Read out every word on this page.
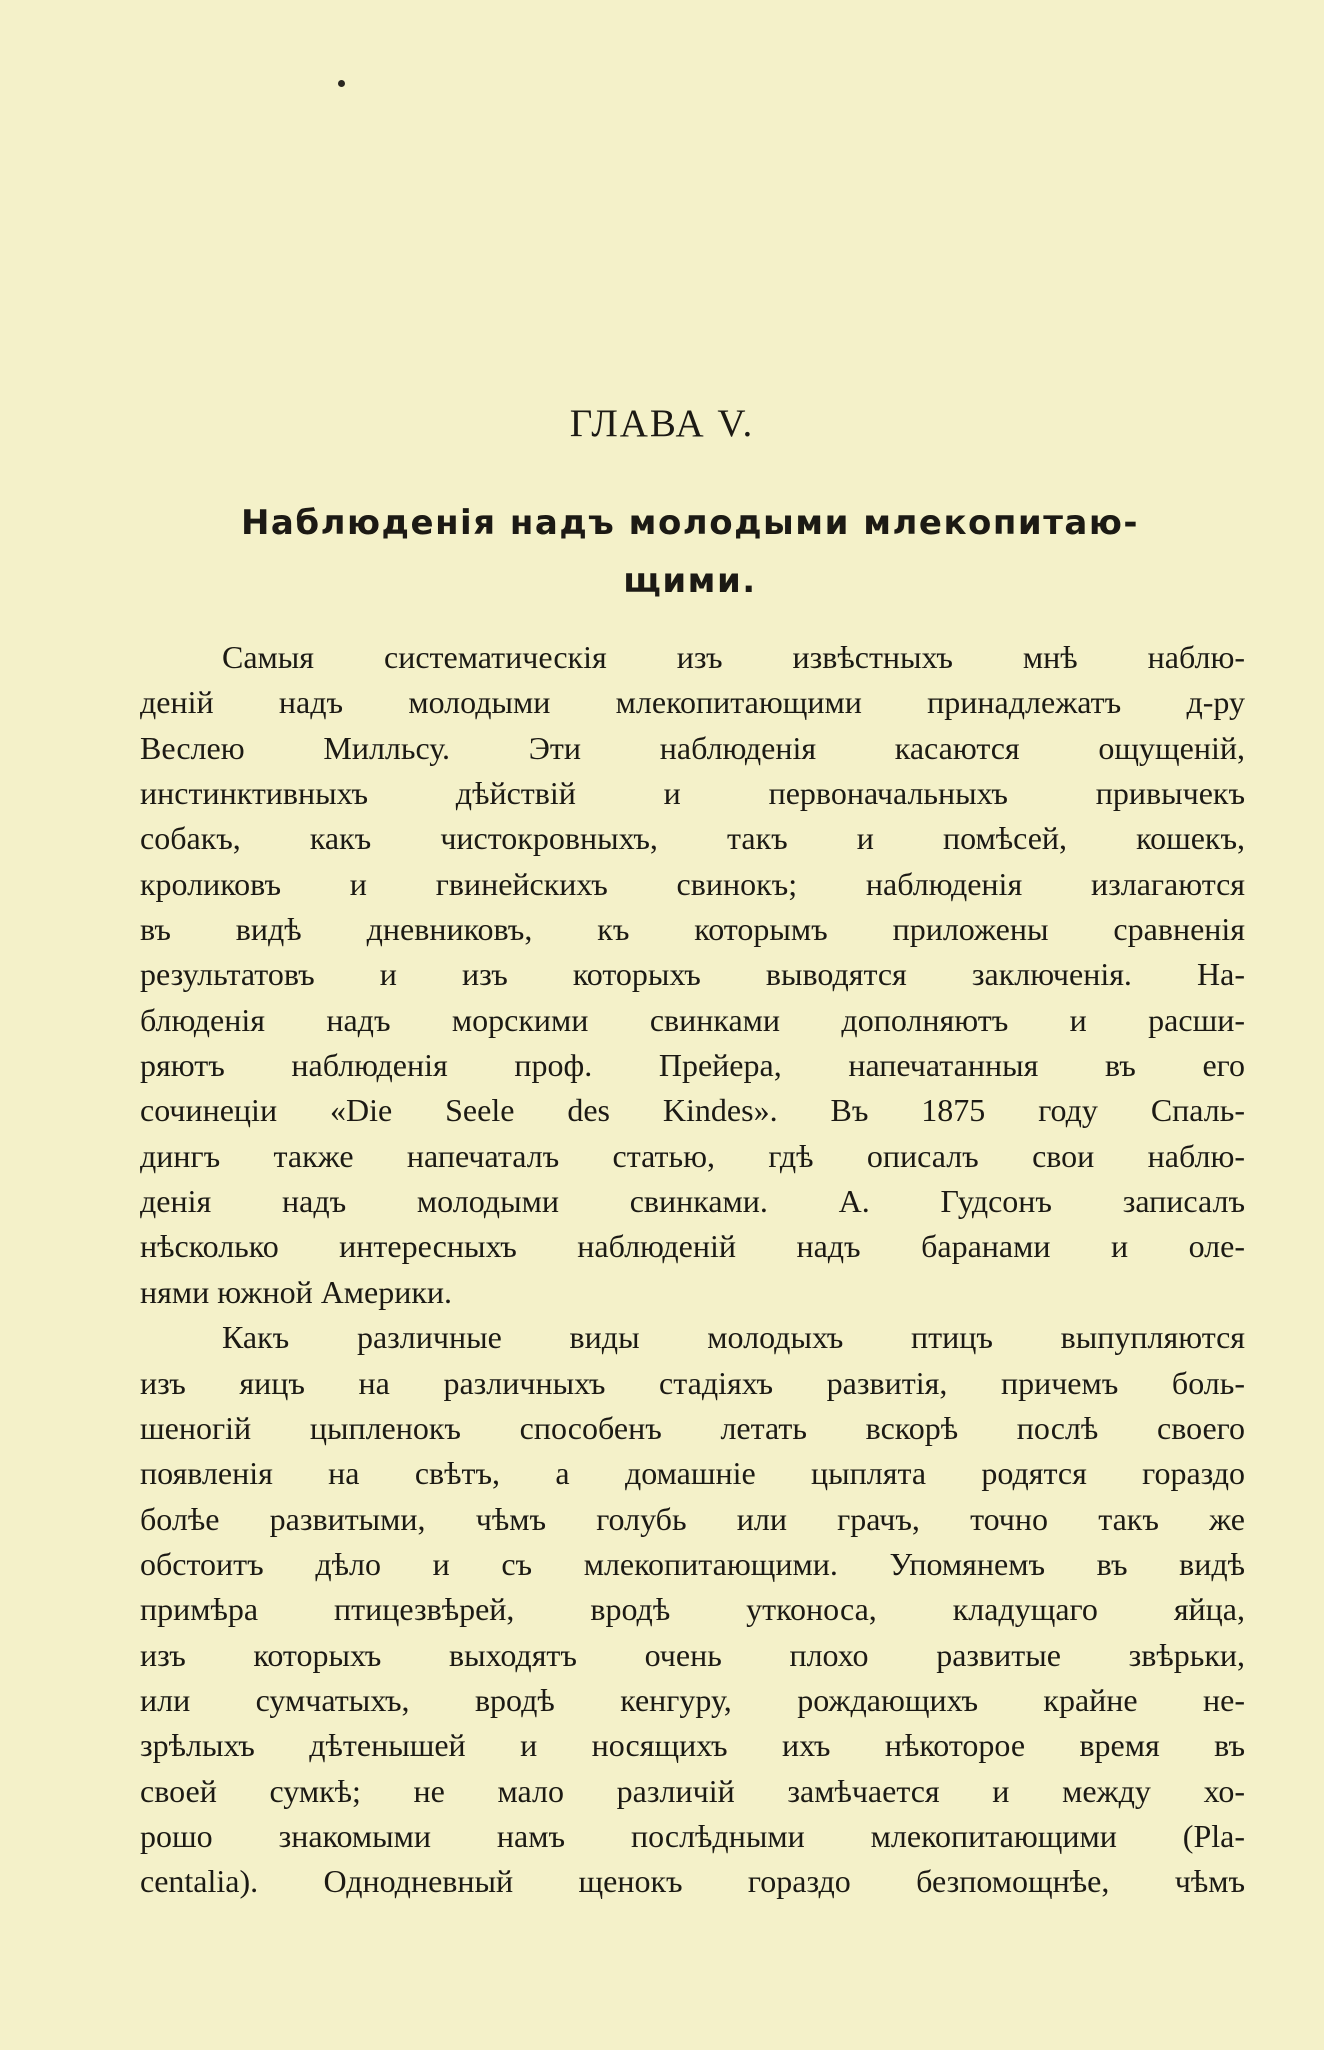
ГЛАВА V.
Наблюденія надъ молодыми млекопитаю-
щими.
Самыя систематическія изъ извѣстныхъ мнѣ наблю-
деній надъ молодыми млекопитающими принадлежатъ д-ру
Веслею Милльсу. Эти наблюденія касаются ощущеній,
инстинктивныхъ дѣйствій и первоначальныхъ привычекъ
собакъ, какъ чистокровныхъ, такъ и помѣсей, кошекъ,
кроликовъ и гвинейскихъ свинокъ; наблюденія излагаются
въ видѣ дневниковъ, къ которымъ приложены сравненія
результатовъ и изъ которыхъ выводятся заключенія. На-
блюденія надъ морскими свинками дополняютъ и расши-
ряютъ наблюденія проф. Прейера, напечатанныя въ его
сочинеціи «Die Seele des Kindes». Въ 1875 году Спаль-
дингъ также напечаталъ статью, гдѣ описалъ свои наблю-
денія надъ молодыми свинками. А. Гудсонъ записалъ
нѣсколько интересныхъ наблюденій надъ баранами и оле-
нями южной Америки.
Какъ различные виды молодыхъ птицъ выпупляются
изъ яицъ на различныхъ стадіяхъ развитія, причемъ боль-
шеногій цыпленокъ способенъ летать вскорѣ послѣ своего
появленія на свѣтъ, а домашніе цыплята родятся гораздо
болѣе развитыми, чѣмъ голубь или грачъ, точно такъ же
обстоитъ дѣло и съ млекопитающими. Упомянемъ въ видѣ
примѣра птицезвѣрей, вродѣ утконоса, кладущаго яйца,
изъ которыхъ выходятъ очень плохо развитые звѣрьки,
или сумчатыхъ, вродѣ кенгуру, рождающихъ крайне не-
зрѣлыхъ дѣтенышей и носящихъ ихъ нѣкоторое время въ
своей сумкѣ; не мало различій замѣчается и между хо-
рошо знакомыми намъ послѣдными млекопитающими (Pla-
centalia). Однодневный щенокъ гораздо безпомощнѣе, чѣмъ
